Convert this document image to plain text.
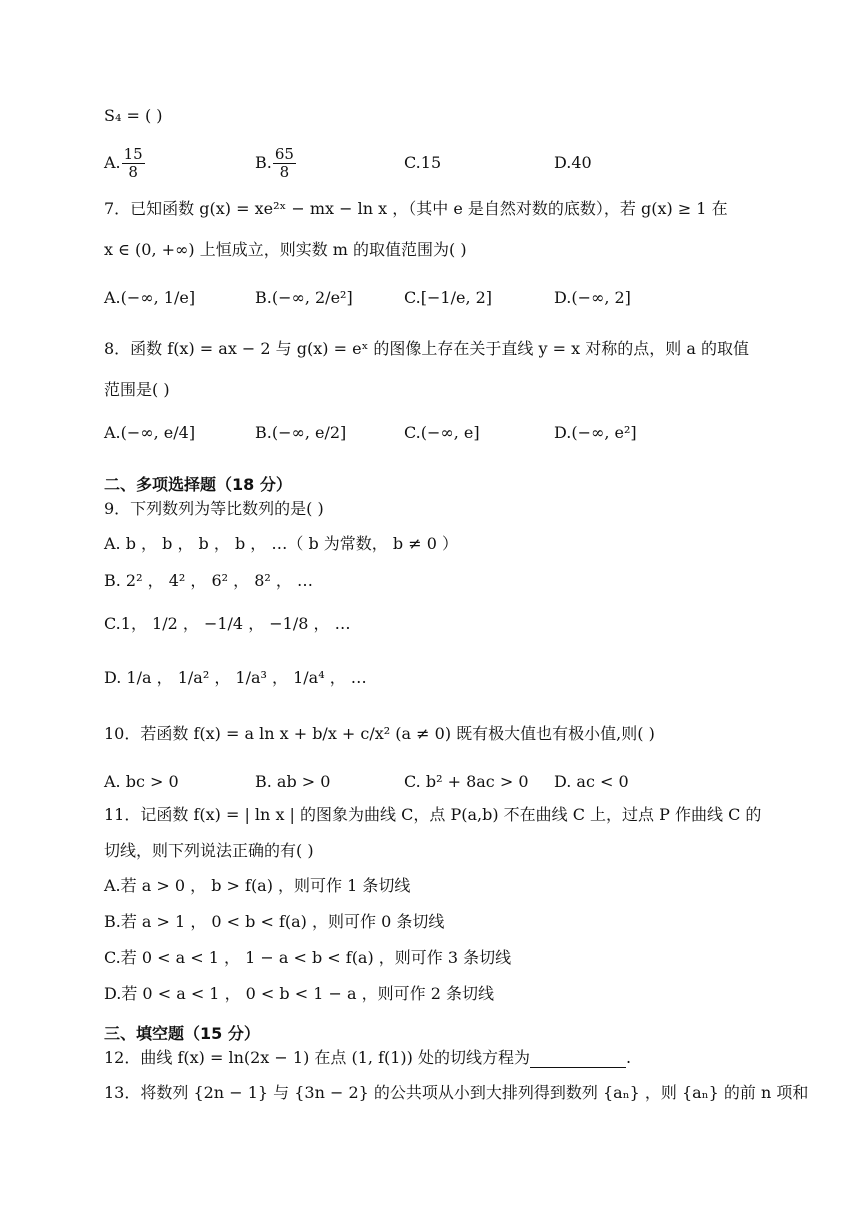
S₄ = ( )
A. $\frac{15}{8}$	B. $\frac{65}{8}$	C.15	D.40
7．已知函数 g(x) = xe²ˣ − mx − ln x ，（其中 e 是自然对数的底数），若 g(x) ≥ 1 在
x ∈ (0, +∞) 上恒成立，则实数 m 的取值范围为( )
A.(−∞, 1/e]	B.(−∞, 2/e²]	C.[−1/e, 2]	D.(−∞, 2]
8．函数 f(x) = ax − 2 与 g(x) = eˣ 的图像上存在关于直线 y = x 对称的点，则 a 的取值
范围是( )
A.(−∞, e/4]	B.(−∞, e/2]	C.(−∞, e]	D.(−∞, e²]
二、多项选择题（18 分）
9．下列数列为等比数列的是( )
A. b ， b ， b ， b ， …（ b 为常数， b ≠ 0 ）
B. 2² ， 4² ， 6² ， 8² ， …
C.1， 1/2 ， −1/4 ， −1/8 ， …
D. 1/a ， 1/a² ， 1/a³ ， 1/a⁴ ， …
10．若函数 f(x) = a ln x + b/x + c/x² (a ≠ 0) 既有极大值也有极小值,则( )
A. bc > 0	B. ab > 0	C. b² + 8ac > 0 D. ac < 0
11．记函数 f(x) = | ln x | 的图象为曲线 C，点 P(a,b) 不在曲线 C 上，过点 P 作曲线 C 的
切线，则下列说法正确的有( )
A.若 a > 0 ， b > f(a) ，则可作 1 条切线
B.若 a > 1 ， 0 < b < f(a) ，则可作 0 条切线
C.若 0 < a < 1 ， 1 − a < b < f(a) ，则可作 3 条切线
D.若 0 < a < 1 ， 0 < b < 1 − a ，则可作 2 条切线
三、填空题（15 分）
12．曲线 f(x) = ln(2x − 1) 在点 (1, f(1)) 处的切线方程为	.
13．将数列 {2n − 1} 与 {3n − 2} 的公共项从小到大排列得到数列 {aₙ} ，则 {aₙ} 的前 n 项和
